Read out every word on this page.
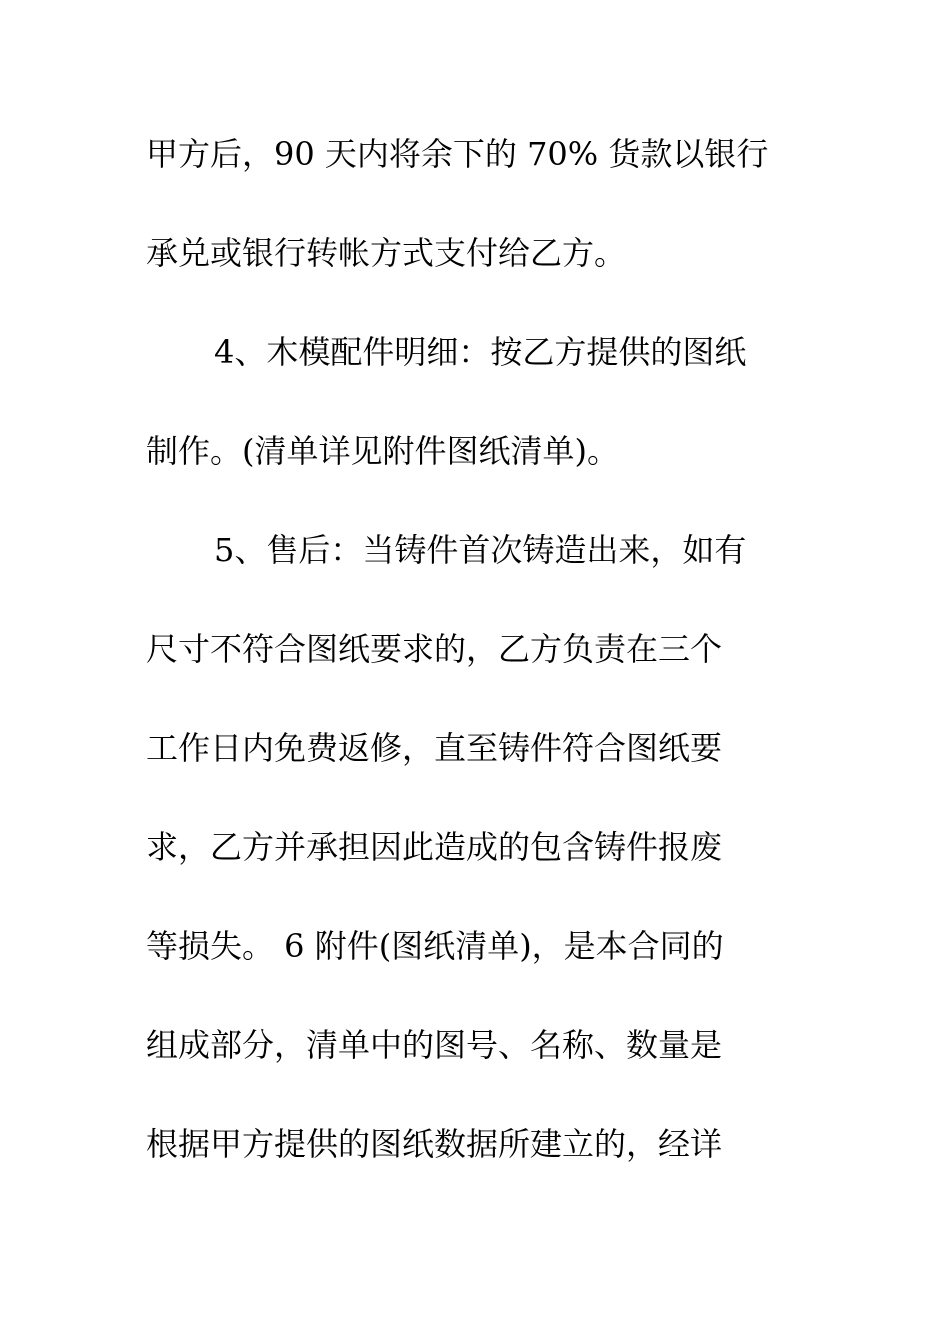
甲方后，90 天内将余下的 70% 货款以银行
承兑或银行转帐方式支付给乙方。
4、木模配件明细：按乙方提供的图纸
制作。(清单详见附件图纸清单)。
5、售后：当铸件首次铸造出来，如有
尺寸不符合图纸要求的，乙方负责在三个
工作日内免费返修，直至铸件符合图纸要
求，乙方并承担因此造成的包含铸件报废
等损失。 6 附件(图纸清单)，是本合同的
组成部分，清单中的图号、名称、数量是
根据甲方提供的图纸数据所建立的，经详
